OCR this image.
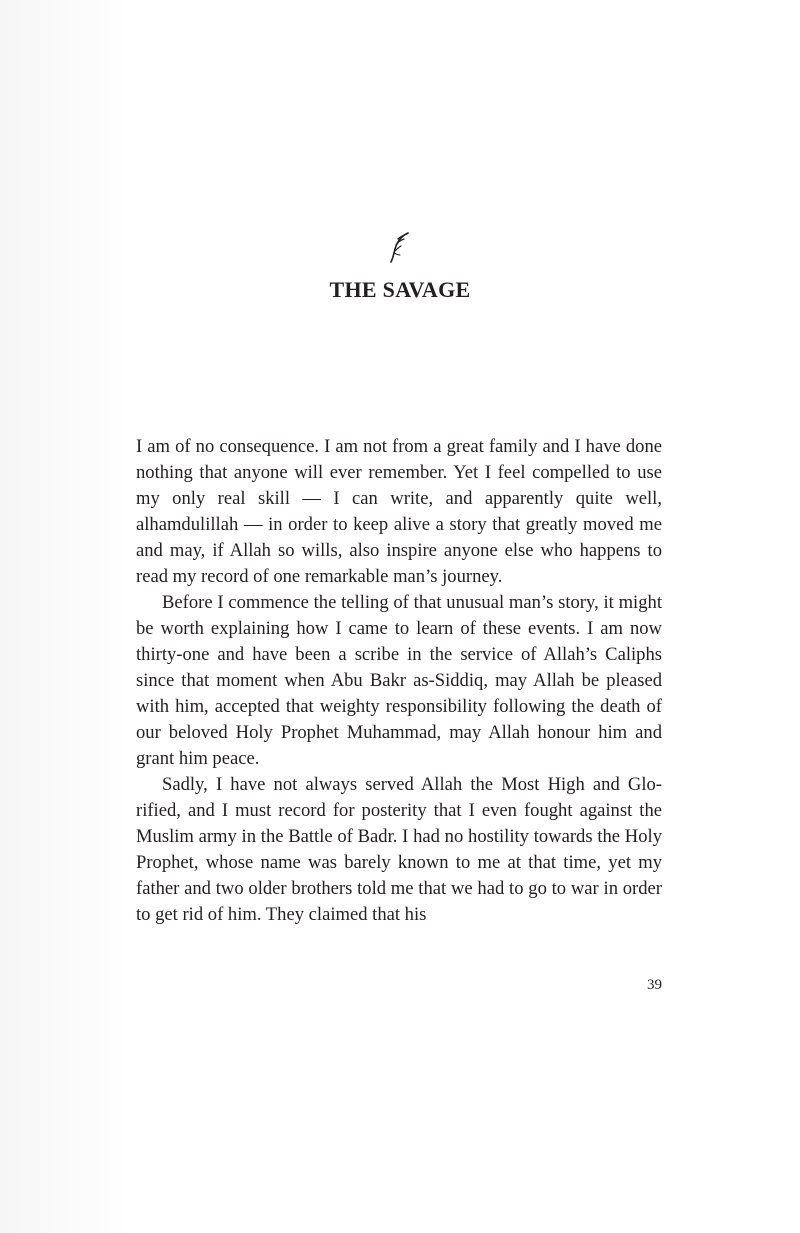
THE SAVAGE

I am of no consequence. I am not from a great family and I have done nothing that anyone will ever remember. Yet I feel compelled to use my only real skill — I can write, and apparently quite well, alhamdulillah — in order to keep alive a story that greatly moved me and may, if Allah so wills, also inspire anyone else who happens to read my record of one remarkable man’s journey.

Before I commence the telling of that unusual man’s story, it might be worth explaining how I came to learn of these events. I am now thirty-one and have been a scribe in the service of Allah’s Caliphs since that moment when Abu Bakr as-Siddiq, may Allah be pleased with him, accepted that weighty responsibility following the death of our beloved Holy Prophet Muhammad, may Allah honour him and grant him peace.

Sadly, I have not always served Allah the Most High and Glorified, and I must record for posterity that I even fought against the Muslim army in the Battle of Badr. I had no hostility towards the Holy Prophet, whose name was barely known to me at that time, yet my father and two older brothers told me that we had to go to war in order to get rid of him. They claimed that his

39
